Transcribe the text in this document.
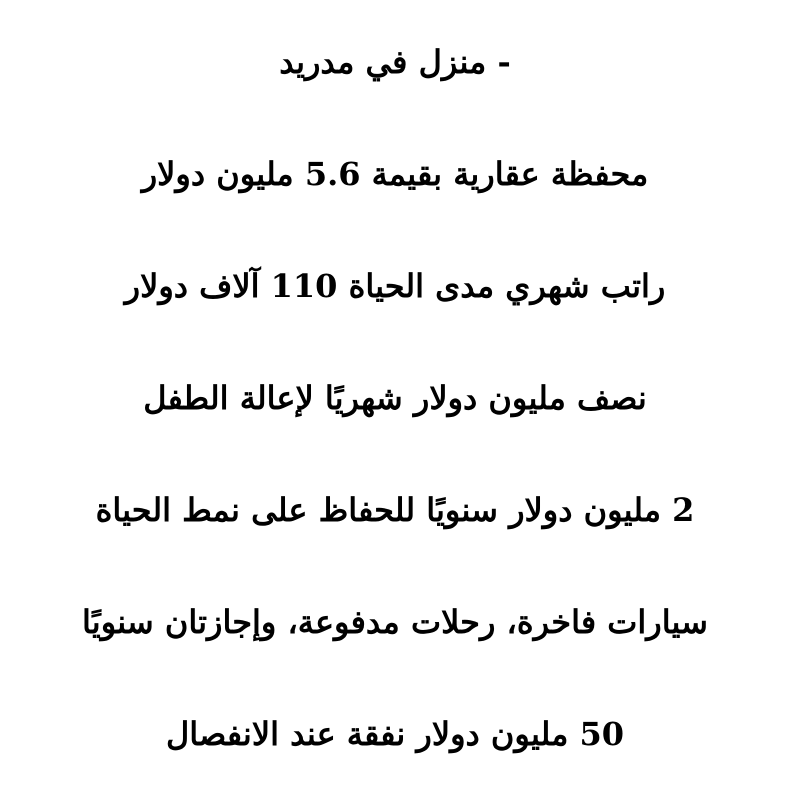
- منزل في مدريد
محفظة عقارية بقيمة 5.6 مليون دولار
راتب شهري مدى الحياة 110 آلاف دولار
نصف مليون دولار شهريًا لإعالة الطفل
2 مليون دولار سنويًا للحفاظ على نمط الحياة
سيارات فاخرة، رحلات مدفوعة، وإجازتان سنويًا
50 مليون دولار نفقة عند الانفصال
